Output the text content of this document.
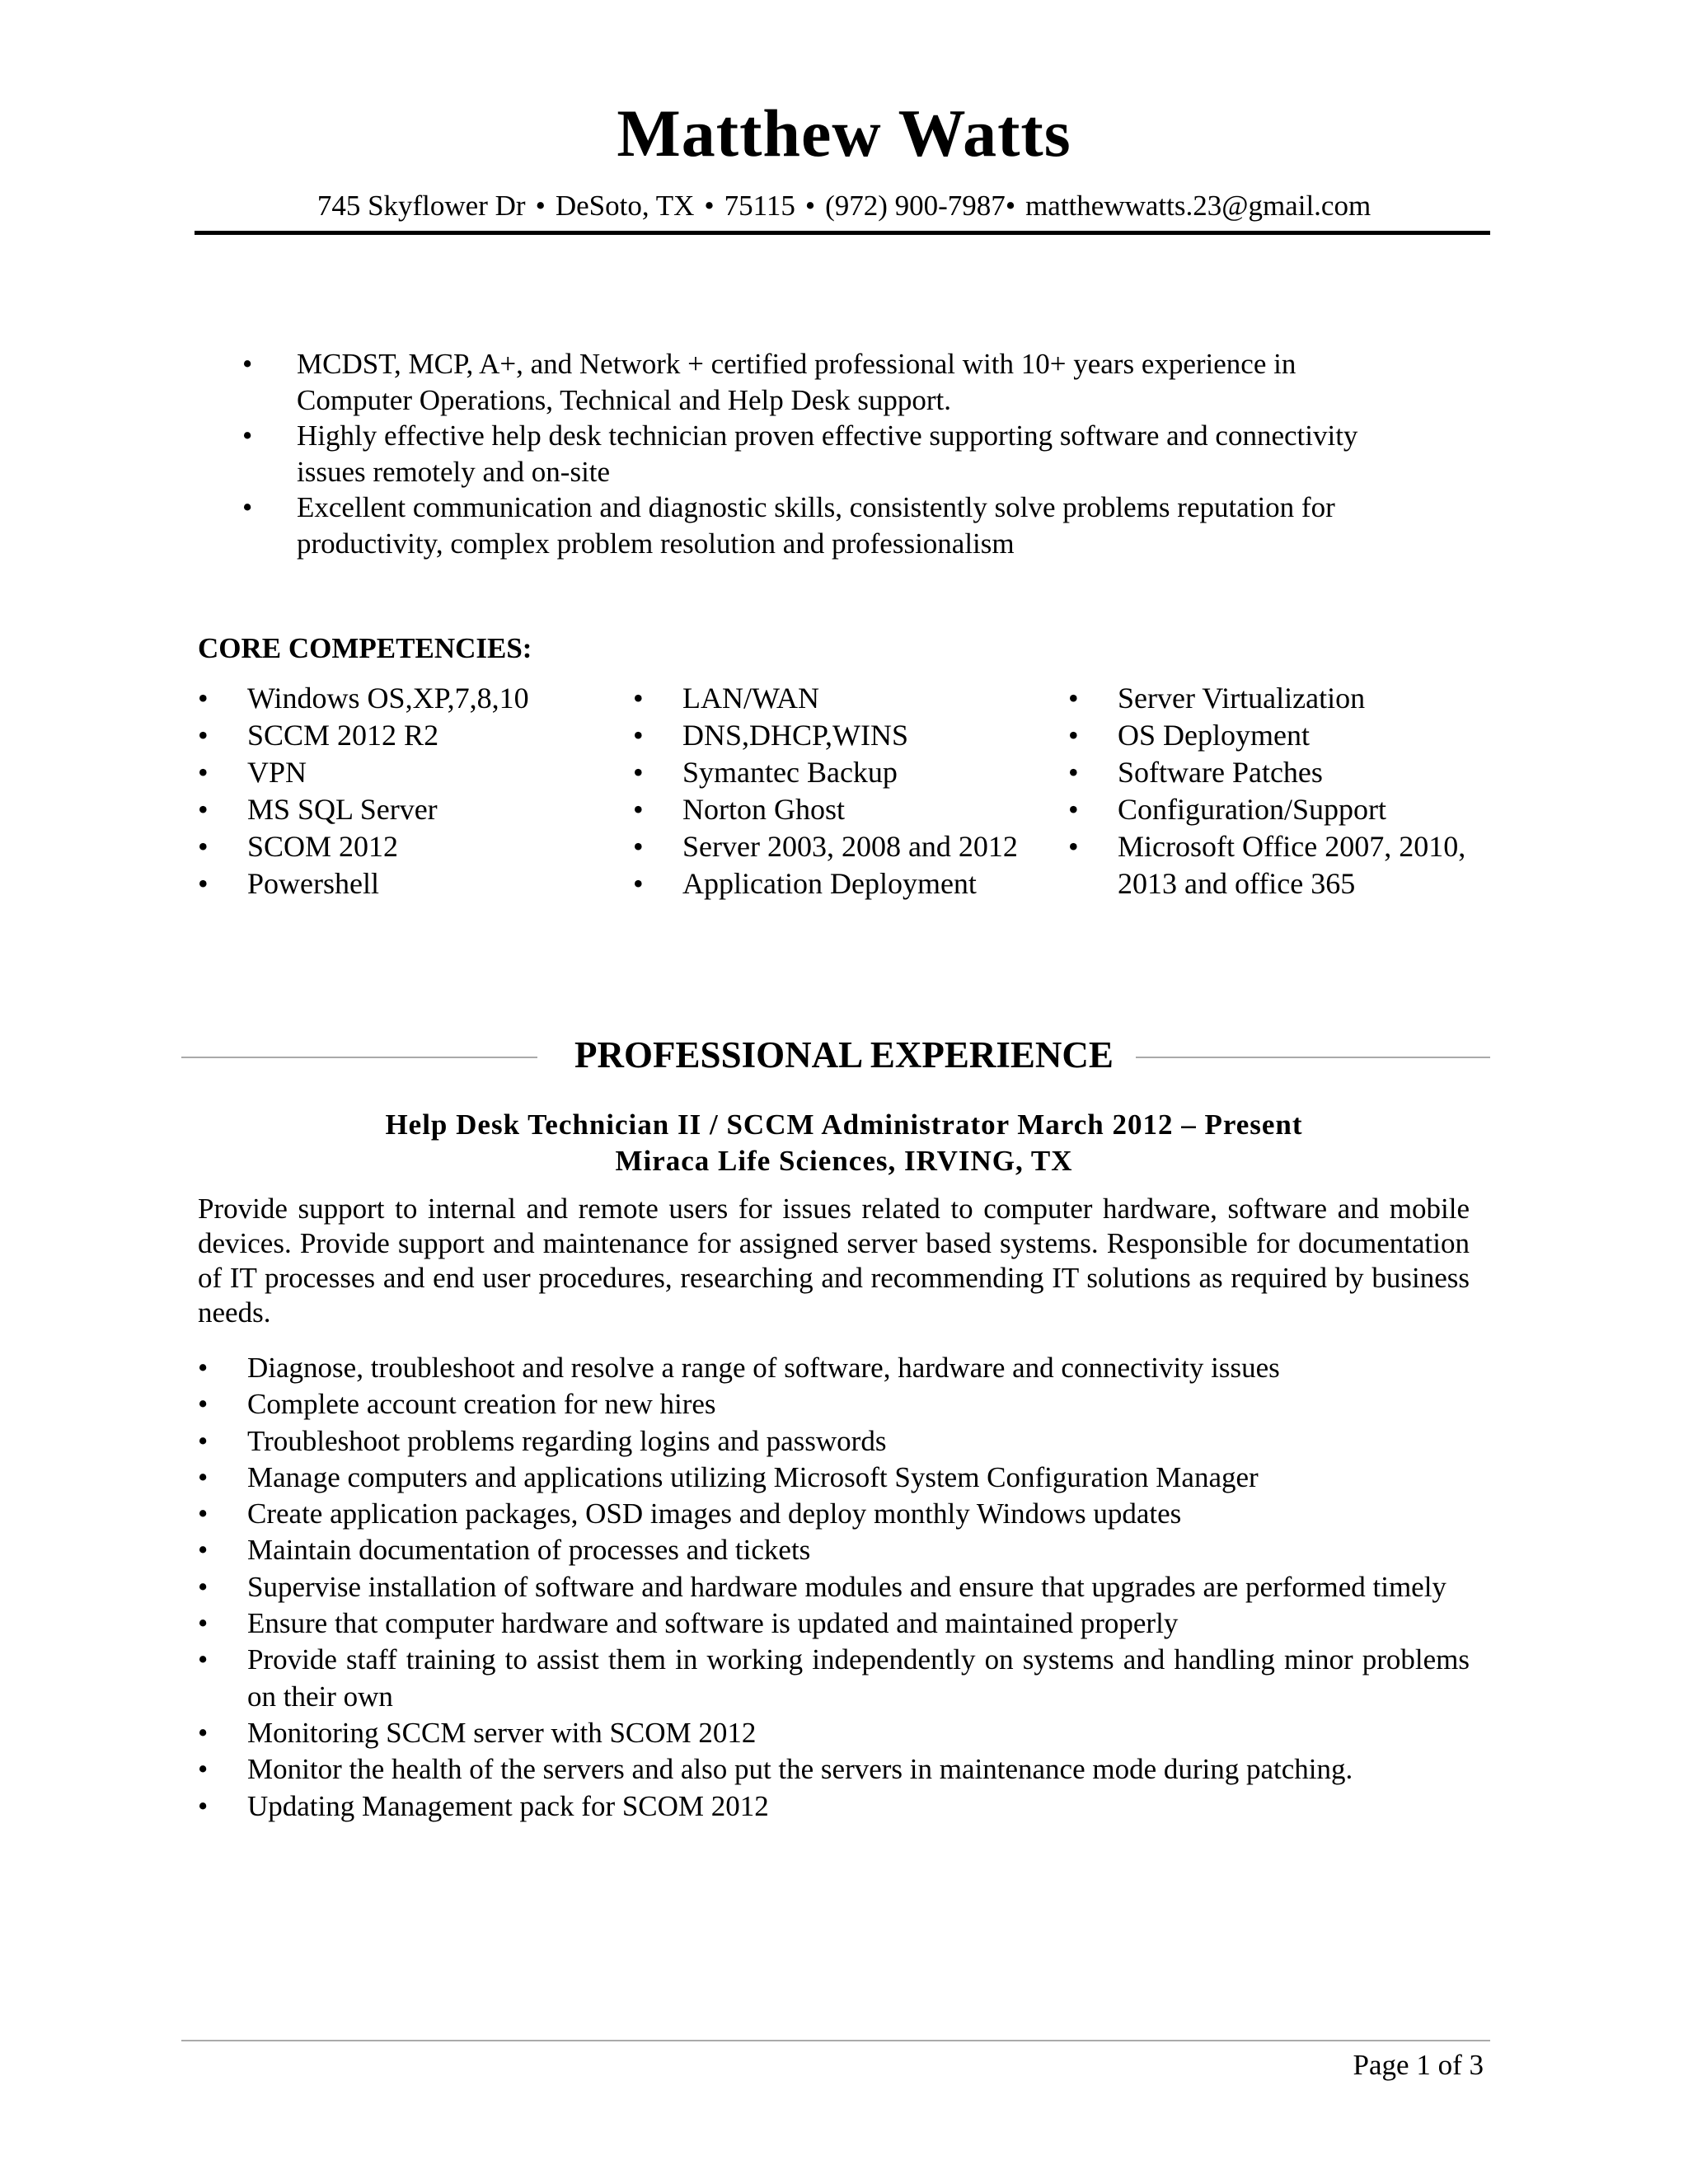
Matthew Watts
745 Skyflower Dr • DeSoto, TX • 75115 • (972) 900-7987• matthewwatts.23@gmail.com
• MCDST, MCP, A+, and Network + certified professional with 10+ years experience in
Computer Operations, Technical and Help Desk support.
• Highly effective help desk technician proven effective supporting software and connectivity
issues remotely and on-site
• Excellent communication and diagnostic skills, consistently solve problems reputation for
productivity, complex problem resolution and professionalism
CORE COMPETENCIES:
• Windows OS,XP,7,8,10
• SCCM 2012 R2
• VPN
• MS SQL Server
• SCOM 2012
• Powershell
• LAN/WAN
• DNS,DHCP,WINS
• Symantec Backup
• Norton Ghost
• Server 2003, 2008 and 2012
• Application Deployment
• Server Virtualization
• OS Deployment
• Software Patches
• Configuration/Support
• Microsoft Office 2007, 2010,
2013 and office 365
PROFESSIONAL EXPERIENCE
Help Desk Technician II / SCCM Administrator March 2012 – Present
Miraca Life Sciences, IRVING, TX

Provide support to internal and remote users for issues related to computer hardware, software and mobile devices. Provide support and maintenance for assigned server based systems. Responsible for documentation of IT processes and end user procedures, researching and recommending IT solutions as required by business needs.

• Diagnose, troubleshoot and resolve a range of software, hardware and connectivity issues
• Complete account creation for new hires
• Troubleshoot problems regarding logins and passwords
• Manage computers and applications utilizing Microsoft System Configuration Manager
• Create application packages, OSD images and deploy monthly Windows updates
• Maintain documentation of processes and tickets
• Supervise installation of software and hardware modules and ensure that upgrades are performed timely
• Ensure that computer hardware and software is updated and maintained properly
• Provide staff training to assist them in working independently on systems and handling minor problems on their own
• Monitoring SCCM server with SCOM 2012
• Monitor the health of the servers and also put the servers in maintenance mode during patching.
• Updating Management pack for SCOM 2012
Page 1 of 3
